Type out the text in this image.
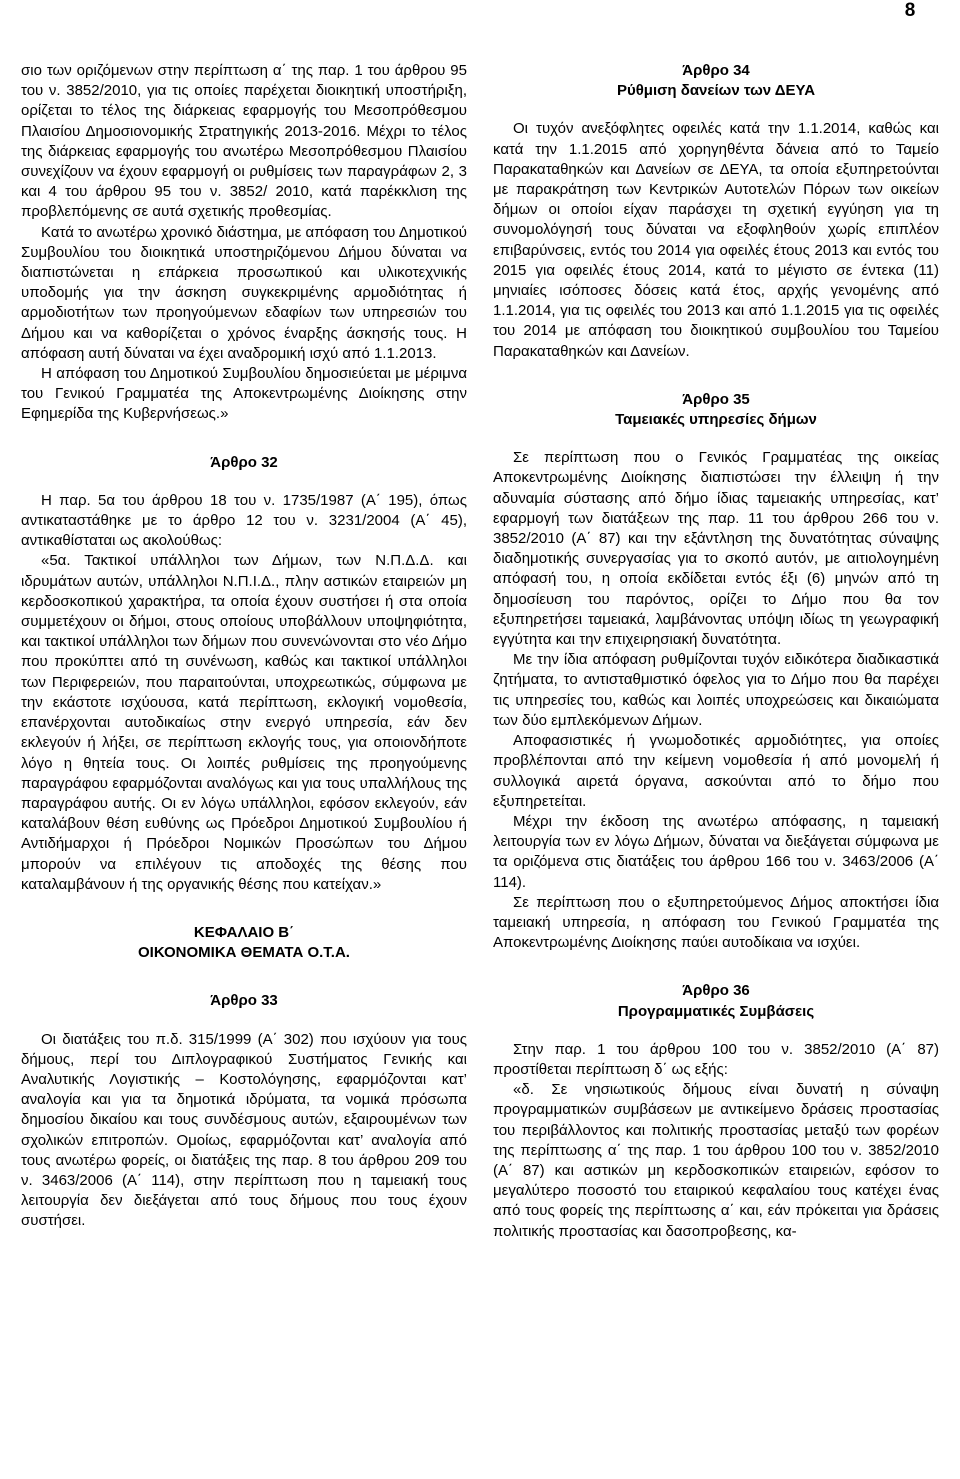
8

σιο των οριζόμενων στην περίπτωση α΄ της παρ. 1 του άρθρου 95 του ν. 3852/2010, για τις οποίες παρέχεται διοικητική υποστήριξη, ορίζεται το τέλος της διάρκειας εφαρμογής του Μεσοπρόθεσμου Πλαισίου Δημοσιονομικής Στρατηγικής 2013-2016. Μέχρι το τέλος της διάρκειας εφαρμογής του ανωτέρω Μεσοπρόθεσμου Πλαισίου συνεχίζουν να έχουν εφαρμογή οι ρυθμίσεις των παραγράφων 2, 3 και 4 του άρθρου 95 του ν. 3852/ 2010, κατά παρέκκλιση της προβλεπόμενης σε αυτά σχετικής προθεσμίας.

Κατά το ανωτέρω χρονικό διάστημα, με απόφαση του Δημοτικού Συμβουλίου του διοικητικά υποστηριζόμενου Δήμου δύναται να διαπιστώνεται η επάρκεια προσωπικού και υλικοτεχνικής υποδομής για την άσκηση συγκεκριμένης αρμοδιότητας ή αρμοδιοτήτων των προηγούμενων εδαφίων των υπηρεσιών του Δήμου και να καθορίζεται ο χρόνος έναρξης άσκησής τους. Η απόφαση αυτή δύναται να έχει αναδρομική ισχύ από 1.1.2013.

Η απόφαση του Δημοτικού Συμβουλίου δημοσιεύεται με μέριμνα του Γενικού Γραμματέα της Αποκεντρωμένης Διοίκησης στην Εφημερίδα της Κυβερνήσεως.»

Άρθρο 32

Η παρ. 5α του άρθρου 18 του ν. 1735/1987 (Α΄ 195), όπως αντικαταστάθηκε με το άρθρο 12 του ν. 3231/2004 (Α΄ 45), αντικαθίσταται ως ακολούθως:

«5α. Τακτικοί υπάλληλοι των Δήμων, των Ν.Π.Δ.Δ. και ιδρυμάτων αυτών, υπάλληλοι Ν.Π.Ι.Δ., πλην αστικών εταιρειών μη κερδοσκοπικού χαρακτήρα, τα οποία έχουν συστήσει ή στα οποία συμμετέχουν οι δήμοι, στους οποίους υποβάλλουν υποψηφιότητα, και τακτικοί υπάλληλοι των δήμων που συνενώνονται στο νέο Δήμο που προκύπτει από τη συνένωση, καθώς και τακτικοί υπάλληλοι των Περιφερειών, που παραιτούνται, υποχρεωτικώς, σύμφωνα με την εκάστοτε ισχύουσα, κατά περίπτωση, εκλογική νομοθεσία, επανέρχονται αυτοδικαίως στην ενεργό υπηρεσία, εάν δεν εκλεγούν ή λήξει, σε περίπτωση εκλογής τους, για οποιονδήποτε λόγο η θητεία τους. Οι λοιπές ρυθμίσεις της προηγούμενης παραγράφου εφαρμόζονται αναλόγως και για τους υπαλλήλους της παραγράφου αυτής. Οι εν λόγω υπάλληλοι, εφόσον εκλεγούν, εάν καταλάβουν θέση ευθύνης ως Πρόεδροι Δημοτικού Συμβουλίου ή Αντιδήμαρχοι ή Πρόεδροι Νομικών Προσώπων του Δήμου μπορούν να επιλέγουν τις αποδοχές της θέσης που καταλαμβάνουν ή της οργανικής θέσης που κατείχαν.»

ΚΕΦΑΛΑΙΟ Β΄

ΟΙΚΟΝΟΜΙΚΑ ΘΕΜΑΤΑ Ο.Τ.Α.

Άρθρο 33

Οι διατάξεις του π.δ. 315/1999 (Α΄ 302) που ισχύουν για τους δήμους, περί του Διπλογραφικού Συστήματος Γενικής και Αναλυτικής Λογιστικής – Κοστολόγησης, εφαρμόζονται κατ’ αναλογία και για τα δημοτικά ιδρύματα, τα νομικά πρόσωπα δημοσίου δικαίου και τους συνδέσμους αυτών, εξαιρουμένων των σχολικών επιτροπών. Ομοίως, εφαρμόζονται κατ’ αναλογία από τους ανωτέρω φορείς, οι διατάξεις της παρ. 8 του άρθρου 209 του ν. 3463/2006 (Α΄ 114), στην περίπτωση που η ταμειακή τους λειτουργία δεν διεξάγεται από τους δήμους που τους έχουν συστήσει.

Άρθρο 34

Ρύθμιση δανείων των ΔΕΥΑ

Οι τυχόν ανεξόφλητες οφειλές κατά την 1.1.2014, καθώς και κατά την 1.1.2015 από χορηγηθέντα δάνεια από το Ταμείο Παρακαταθηκών και Δανείων σε ΔΕΥΑ, τα οποία εξυπηρετούνται με παρακράτηση των Κεντρικών Αυτοτελών Πόρων των οικείων δήμων οι οποίοι είχαν παράσχει τη σχετική εγγύηση για τη συνομολόγησή τους δύναται να εξοφληθούν χωρίς επιπλέον επιβαρύνσεις, εντός του 2014 για οφειλές έτους 2013 και εντός του 2015 για οφειλές έτους 2014, κατά το μέγιστο σε έντεκα (11) μηνιαίες ισόποσες δόσεις κατά έτος, αρχής γενομένης από 1.1.2014, για τις οφειλές του 2013 και από 1.1.2015 για τις οφειλές του 2014 με απόφαση του διοικητικού συμβουλίου του Ταμείου Παρακαταθηκών και Δανείων.

Άρθρο 35

Ταμειακές υπηρεσίες δήμων

Σε περίπτωση που ο Γενικός Γραμματέας της οικείας Αποκεντρωμένης Διοίκησης διαπιστώσει την έλλειψη ή την αδυναμία σύστασης από δήμο ίδιας ταμειακής υπηρεσίας, κατ’ εφαρμογή των διατάξεων της παρ. 11 του άρθρου 266 του ν. 3852/2010 (Α΄ 87) και την εξάντληση της δυνατότητας σύναψης διαδημοτικής συνεργασίας για το σκοπό αυτόν, με αιτιολογημένη απόφασή του, η οποία εκδίδεται εντός έξι (6) μηνών από τη δημοσίευση του παρόντος, ορίζει το Δήμο που θα τον εξυπηρετήσει ταμειακά, λαμβάνοντας υπόψη ιδίως τη γεωγραφική εγγύτητα και την επιχειρησιακή δυνατότητα.

Με την ίδια απόφαση ρυθμίζονται τυχόν ειδικότερα διαδικαστικά ζητήματα, το αντισταθμιστικό όφελος για το Δήμο που θα παρέχει τις υπηρεσίες του, καθώς και λοιπές υποχρεώσεις και δικαιώματα των δύο εμπλεκόμενων Δήμων.

Αποφασιστικές ή γνωμοδοτικές αρμοδιότητες, για οποίες προβλέπονται από την κείμενη νομοθεσία ή από μονομελή ή συλλογικά αιρετά όργανα, ασκούνται από το δήμο που εξυπηρετείται.

Μέχρι την έκδοση της ανωτέρω απόφασης, η ταμειακή λειτουργία των εν λόγω Δήμων, δύναται να διεξάγεται σύμφωνα με τα οριζόμενα στις διατάξεις του άρθρου 166 του ν. 3463/2006 (Α΄ 114).

Σε περίπτωση που ο εξυπηρετούμενος Δήμος αποκτήσει ίδια ταμειακή υπηρεσία, η απόφαση του Γενικού Γραμματέα της Αποκεντρωμένης Διοίκησης παύει αυτοδίκαια να ισχύει.

Άρθρο 36

Προγραμματικές Συμβάσεις

Στην παρ. 1 του άρθρου 100 του ν. 3852/2010 (Α΄ 87) προστίθεται περίπτωση δ΄ ως εξής:

«δ. Σε νησιωτικούς δήμους είναι δυνατή η σύναψη προγραμματικών συμβάσεων με αντικείμενο δράσεις προστασίας του περιβάλλοντος και πολιτικής προστασίας μεταξύ των φορέων της περίπτωσης α΄ της παρ. 1 του άρθρου 100 του ν. 3852/2010 (Α΄ 87) και αστικών μη κερδοσκοπικών εταιρειών, εφόσον το μεγαλύτερο ποσοστό του εταιρικού κεφαλαίου τους κατέχει ένας από τους φορείς της περίπτωσης α΄ και, εάν πρόκειται για δράσεις πολιτικής προστασίας και δασοπροβεσης, κα-
